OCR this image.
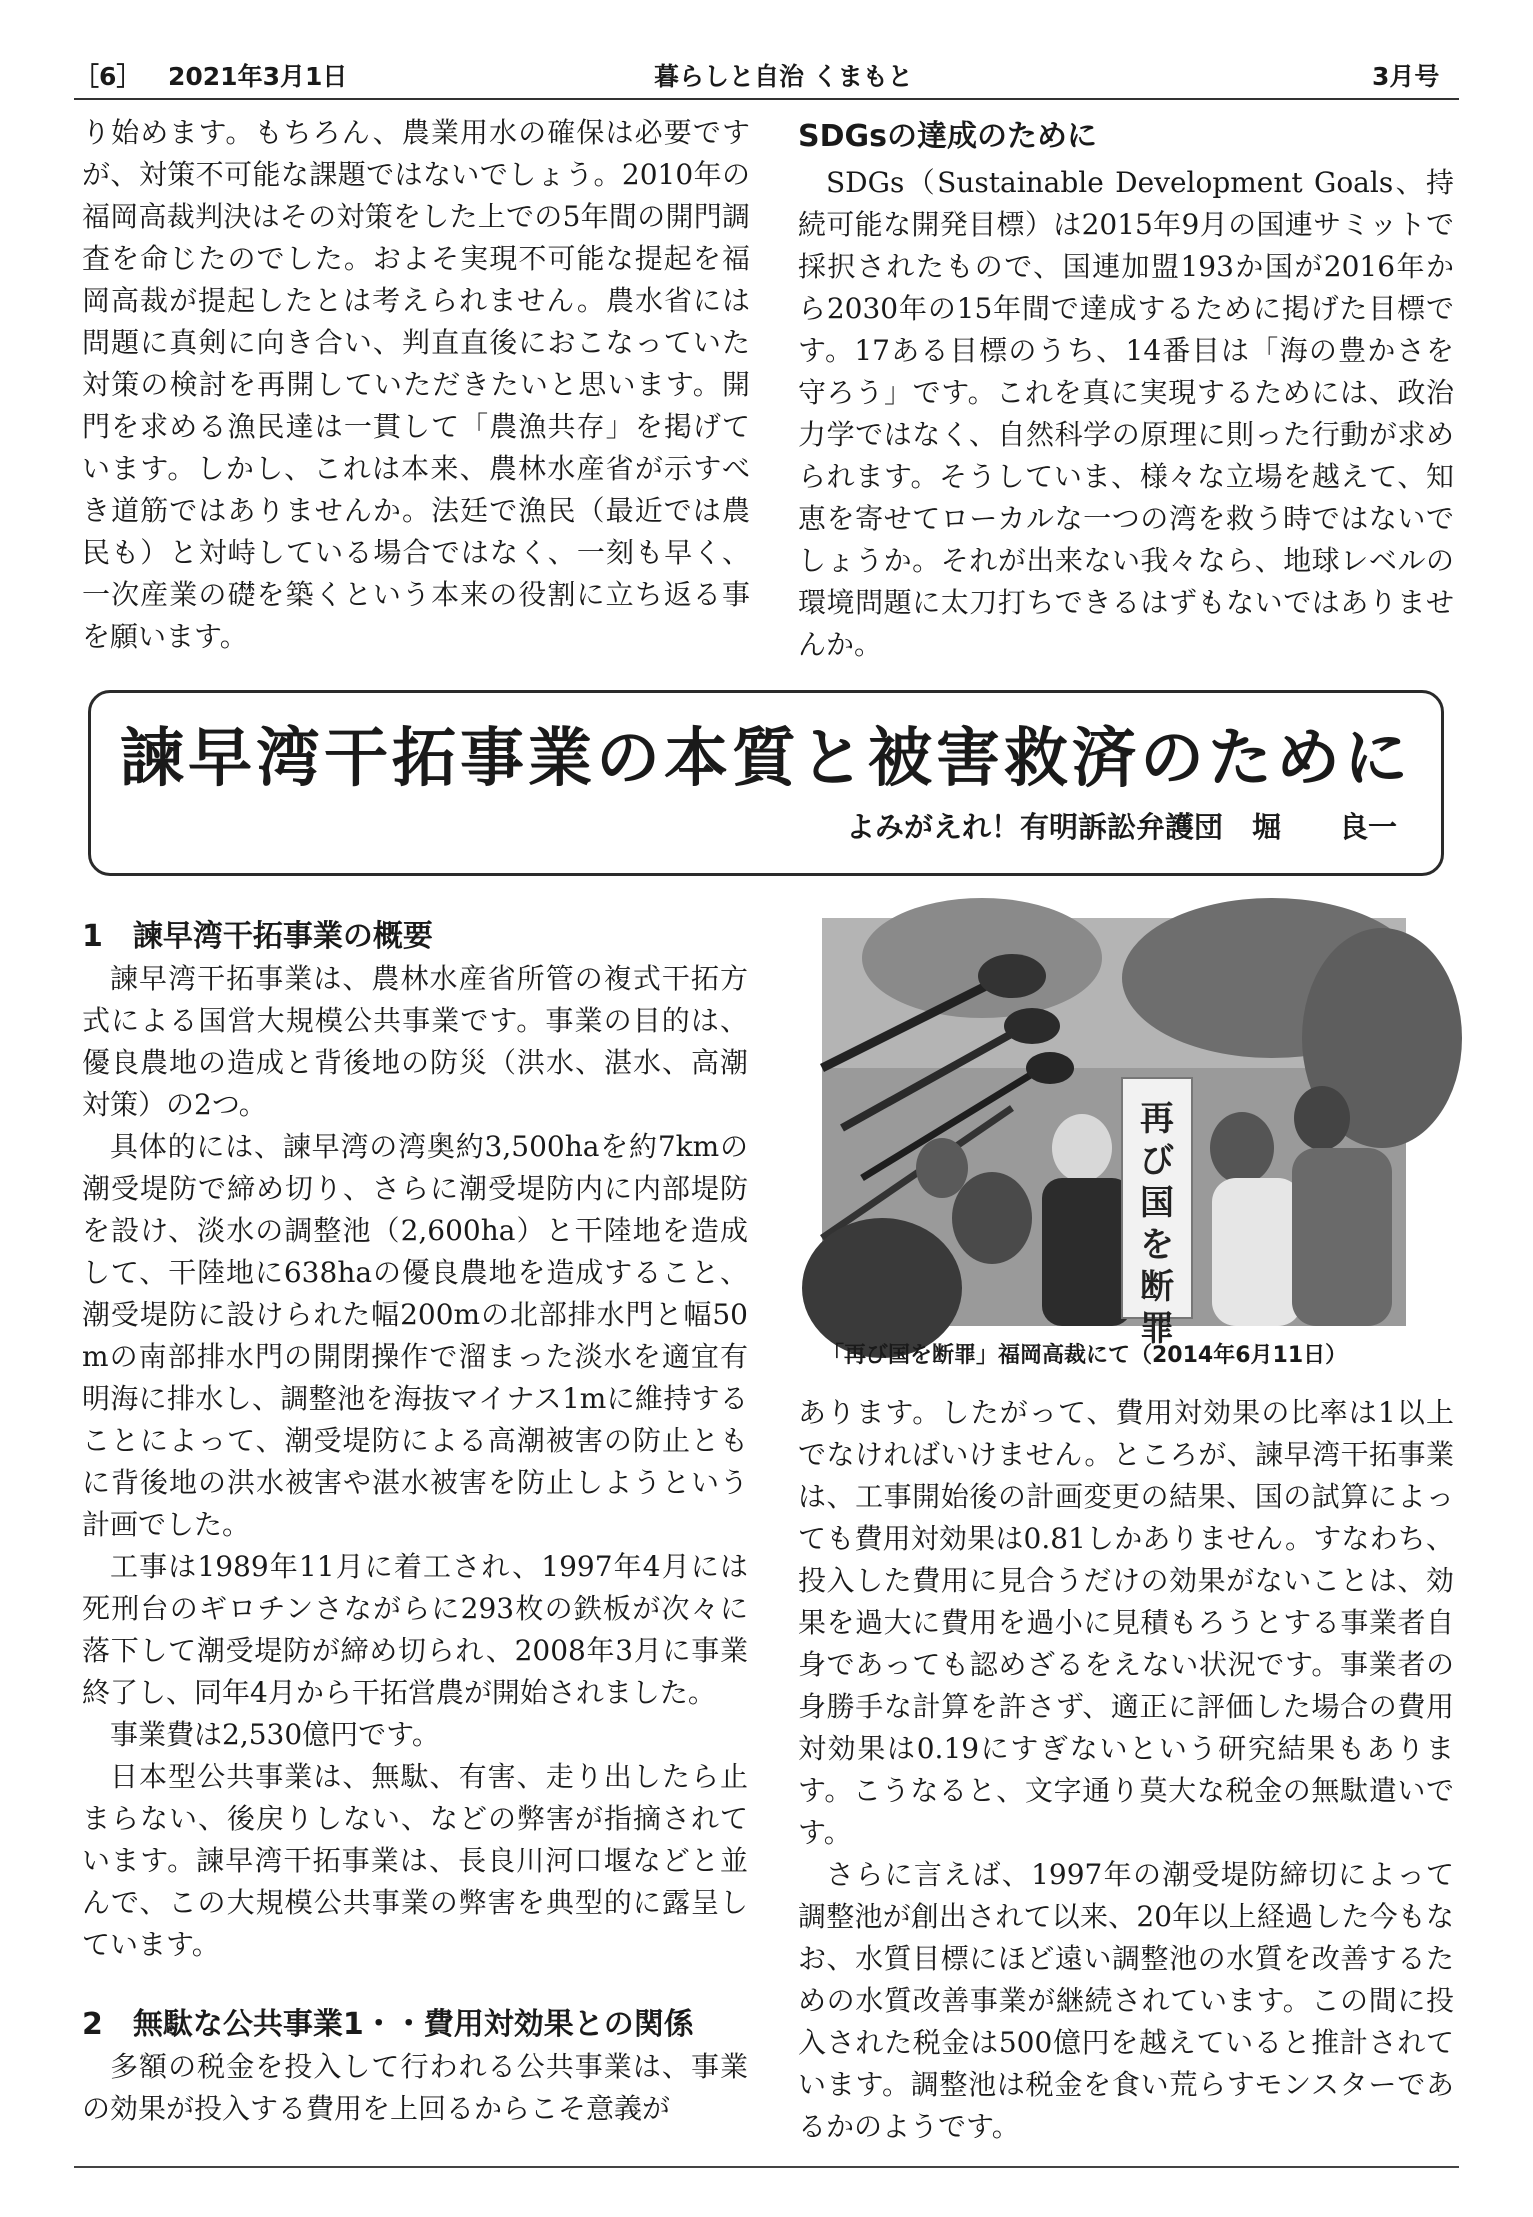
［6］ 2021年3月1日	暮らしと自治 くまもと	3月号

り始めます。もちろん、農業用水の確保は必要ですが、対策不可能な課題ではないでしょう。2010年の福岡高裁判決はその対策をした上での5年間の開門調査を命じたのでした。およそ実現不可能な提起を福岡高裁が提起したとは考えられません。農水省には問題に真剣に向き合い、判直直後におこなっていた対策の検討を再開していただきたいと思います。開門を求める漁民達は一貫して「農漁共存」を掲げています。しかし、これは本来、農林水産省が示すべき道筋ではありませんか。法廷で漁民（最近では農民も）と対峙している場合ではなく、一刻も早く、一次産業の礎を築くという本来の役割に立ち返る事を願います。

SDGsの達成のために

SDGs（Sustainable Development Goals、持続可能な開発目標）は2015年9月の国連サミットで採択されたもので、国連加盟193か国が2016年から2030年の15年間で達成するために掲げた目標です。17ある目標のうち、14番目は「海の豊かさを守ろう」です。これを真に実現するためには、政治力学ではなく、自然科学の原理に則った行動が求められます。そうしていま、様々な立場を越えて、知恵を寄せてローカルな一つの湾を救う時ではないでしょうか。それが出来ない我々なら、地球レベルの環境問題に太刀打ちできるはずもないではありませんか。

諫早湾干拓事業の本質と被害救済のために
よみがえれ！有明訴訟弁護団　堀　　良一
1　諫早湾干拓事業の概要

諫早湾干拓事業は、農林水産省所管の複式干拓方式による国営大規模公共事業です。事業の目的は、優良農地の造成と背後地の防災（洪水、湛水、高潮対策）の2つ。

具体的には、諫早湾の湾奥約3,500haを約7kmの潮受堤防で締め切り、さらに潮受堤防内に内部堤防を設け、淡水の調整池（2,600ha）と干陸地を造成して、干陸地に638haの優良農地を造成すること、潮受堤防に設けられた幅200mの北部排水門と幅50mの南部排水門の開閉操作で溜まった淡水を適宜有明海に排水し、調整池を海抜マイナス1mに維持することによって、潮受堤防による高潮被害の防止ともに背後地の洪水被害や湛水被害を防止しようという計画でした。

工事は1989年11月に着工され、1997年4月には死刑台のギロチンさながらに293枚の鉄板が次々に落下して潮受堤防が締め切られ、2008年3月に事業終了し、同年4月から干拓営農が開始されました。

事業費は2,530億円です。

日本型公共事業は、無駄、有害、走り出したら止まらない、後戻りしない、などの弊害が指摘されています。諫早湾干拓事業は、長良川河口堰などと並んで、この大規模公共事業の弊害を典型的に露呈しています。

2　無駄な公共事業1・・費用対効果との関係

多額の税金を投入して行われる公共事業は、事業の効果が投入する費用を上回るからこそ意義が

再び国を断罪
「再び国を断罪」福岡高裁にて（2014年6月11日）

あります。したがって、費用対効果の比率は1以上でなければいけません。ところが、諫早湾干拓事業は、工事開始後の計画変更の結果、国の試算によっても費用対効果は0.81しかありません。すなわち、投入した費用に見合うだけの効果がないことは、効果を過大に費用を過小に見積もろうとする事業者自身であっても認めざるをえない状況です。事業者の身勝手な計算を許さず、適正に評価した場合の費用対効果は0.19にすぎないという研究結果もあります。こうなると、文字通り莫大な税金の無駄遣いです。

さらに言えば、1997年の潮受堤防締切によって調整池が創出されて以来、20年以上経過した今もなお、水質目標にほど遠い調整池の水質を改善するための水質改善事業が継続されています。この間に投入された税金は500億円を越えていると推計されています。調整池は税金を食い荒らすモンスターであるかのようです。
